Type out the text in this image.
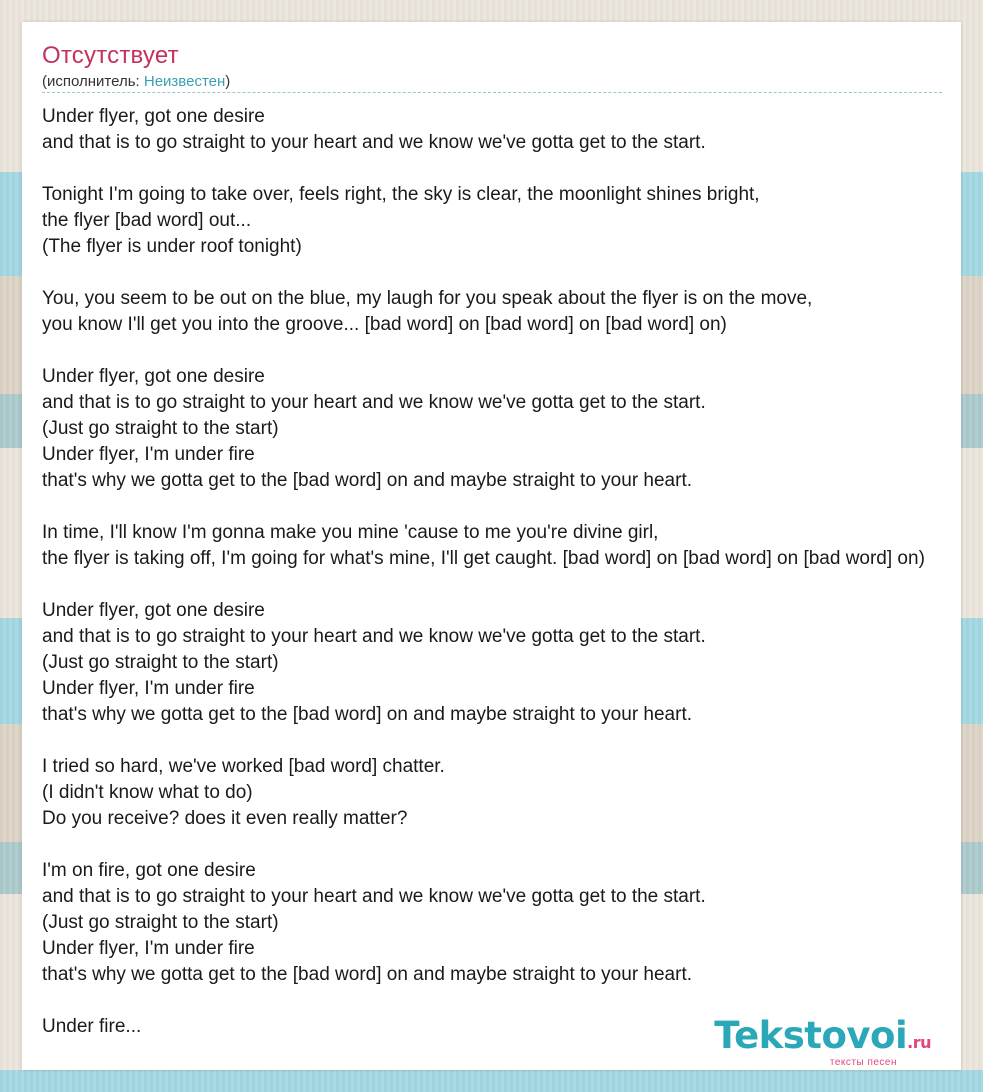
Отсутствует
(исполнитель: Неизвестен)
Under flyer, got one desire
and that is to go straight to your heart and we know we've gotta get to the start.
Tonight I'm going to take over, feels right, the sky is clear, the moonlight shines bright,
the flyer [bad word] out...
(The flyer is under roof tonight)
You, you seem to be out on the blue, my laugh for you speak about the flyer is on the move,
you know I'll get you into the groove... [bad word] on [bad word] on [bad word] on)
Under flyer, got one desire
and that is to go straight to your heart and we know we've gotta get to the start.
(Just go straight to the start)
Under flyer, I'm under fire
that's why we gotta get to the [bad word] on and maybe straight to your heart.
In time, I'll know I'm gonna make you mine 'cause to me you're divine girl,
the flyer is taking off, I'm going for what's mine, I'll get caught. [bad word] on [bad word] on [bad word] on)
Under flyer, got one desire
and that is to go straight to your heart and we know we've gotta get to the start.
(Just go straight to the start)
Under flyer, I'm under fire
that's why we gotta get to the [bad word] on and maybe straight to your heart.
I tried so hard, we've worked [bad word] chatter.
(I didn't know what to do)
Do you receive? does it even really matter?
I'm on fire, got one desire
and that is to go straight to your heart and we know we've gotta get to the start.
(Just go straight to the start)
Under flyer, I'm under fire
that's why we gotta get to the [bad word] on and maybe straight to your heart.
Under fire...	Tekstovoi.ru
тексты песен
